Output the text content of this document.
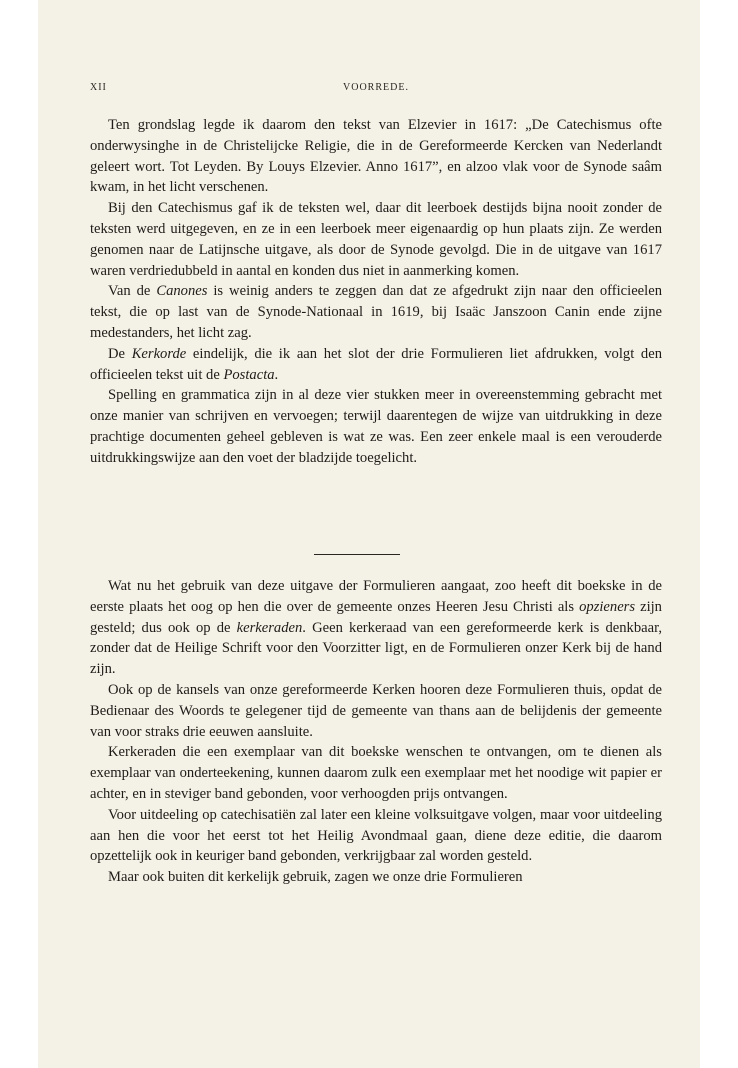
XII	VOORREDE.

Ten grondslag legde ik daarom den tekst van Elzevier in 1617: „De Catechismus ofte onderwysinghe in de Christelijcke Religie, die in de Gereformeerde Kercken van Nederlandt geleert wort. Tot Leyden. By Louys Elzevier. Anno 1617”, en alzoo vlak voor de Synode saâm kwam, in het licht verschenen.

Bij den Catechismus gaf ik de teksten wel, daar dit leerboek destijds bijna nooit zonder de teksten werd uitgegeven, en ze in een leerboek meer eigenaardig op hun plaats zijn. Ze werden genomen naar de Latijnsche uitgave, als door de Synode gevolgd. Die in de uitgave van 1617 waren verdriedubbeld in aantal en konden dus niet in aanmerking komen.

Van de Canones is weinig anders te zeggen dan dat ze afgedrukt zijn naar den officieelen tekst, die op last van de Synode-Nationaal in 1619, bij Isaäc Janszoon Canin ende zijne medestanders, het licht zag.

De Kerkorde eindelijk, die ik aan het slot der drie Formulieren liet afdrukken, volgt den officieelen tekst uit de Postacta.

Spelling en grammatica zijn in al deze vier stukken meer in overeenstemming gebracht met onze manier van schrijven en vervoegen; terwijl daarentegen de wijze van uitdrukking in deze prachtige documenten geheel gebleven is wat ze was. Een zeer enkele maal is een verouderde uitdrukkingswijze aan den voet der bladzijde toegelicht.

Wat nu het gebruik van deze uitgave der Formulieren aangaat, zoo heeft dit boekske in de eerste plaats het oog op hen die over de gemeente onzes Heeren Jesu Christi als opzieners zijn gesteld; dus ook op de kerkeraden. Geen kerkeraad van een gereformeerde kerk is denkbaar, zonder dat de Heilige Schrift voor den Voorzitter ligt, en de Formulieren onzer Kerk bij de hand zijn.

Ook op de kansels van onze gereformeerde Kerken hooren deze Formulieren thuis, opdat de Bedienaar des Woords te gelegener tijd de gemeente van thans aan de belijdenis der gemeente van voor straks drie eeuwen aansluite.

Kerkeraden die een exemplaar van dit boekske wenschen te ontvangen, om te dienen als exemplaar van onderteekening, kunnen daarom zulk een exemplaar met het noodige wit papier er achter, en in steviger band gebonden, voor verhoogden prijs ontvangen.

Voor uitdeeling op catechisatiën zal later een kleine volksuitgave volgen, maar voor uitdeeling aan hen die voor het eerst tot het Heilig Avondmaal gaan, diene deze editie, die daarom opzettelijk ook in keuriger band gebonden, verkrijgbaar zal worden gesteld.

Maar ook buiten dit kerkelijk gebruik, zagen we onze drie Formulieren
